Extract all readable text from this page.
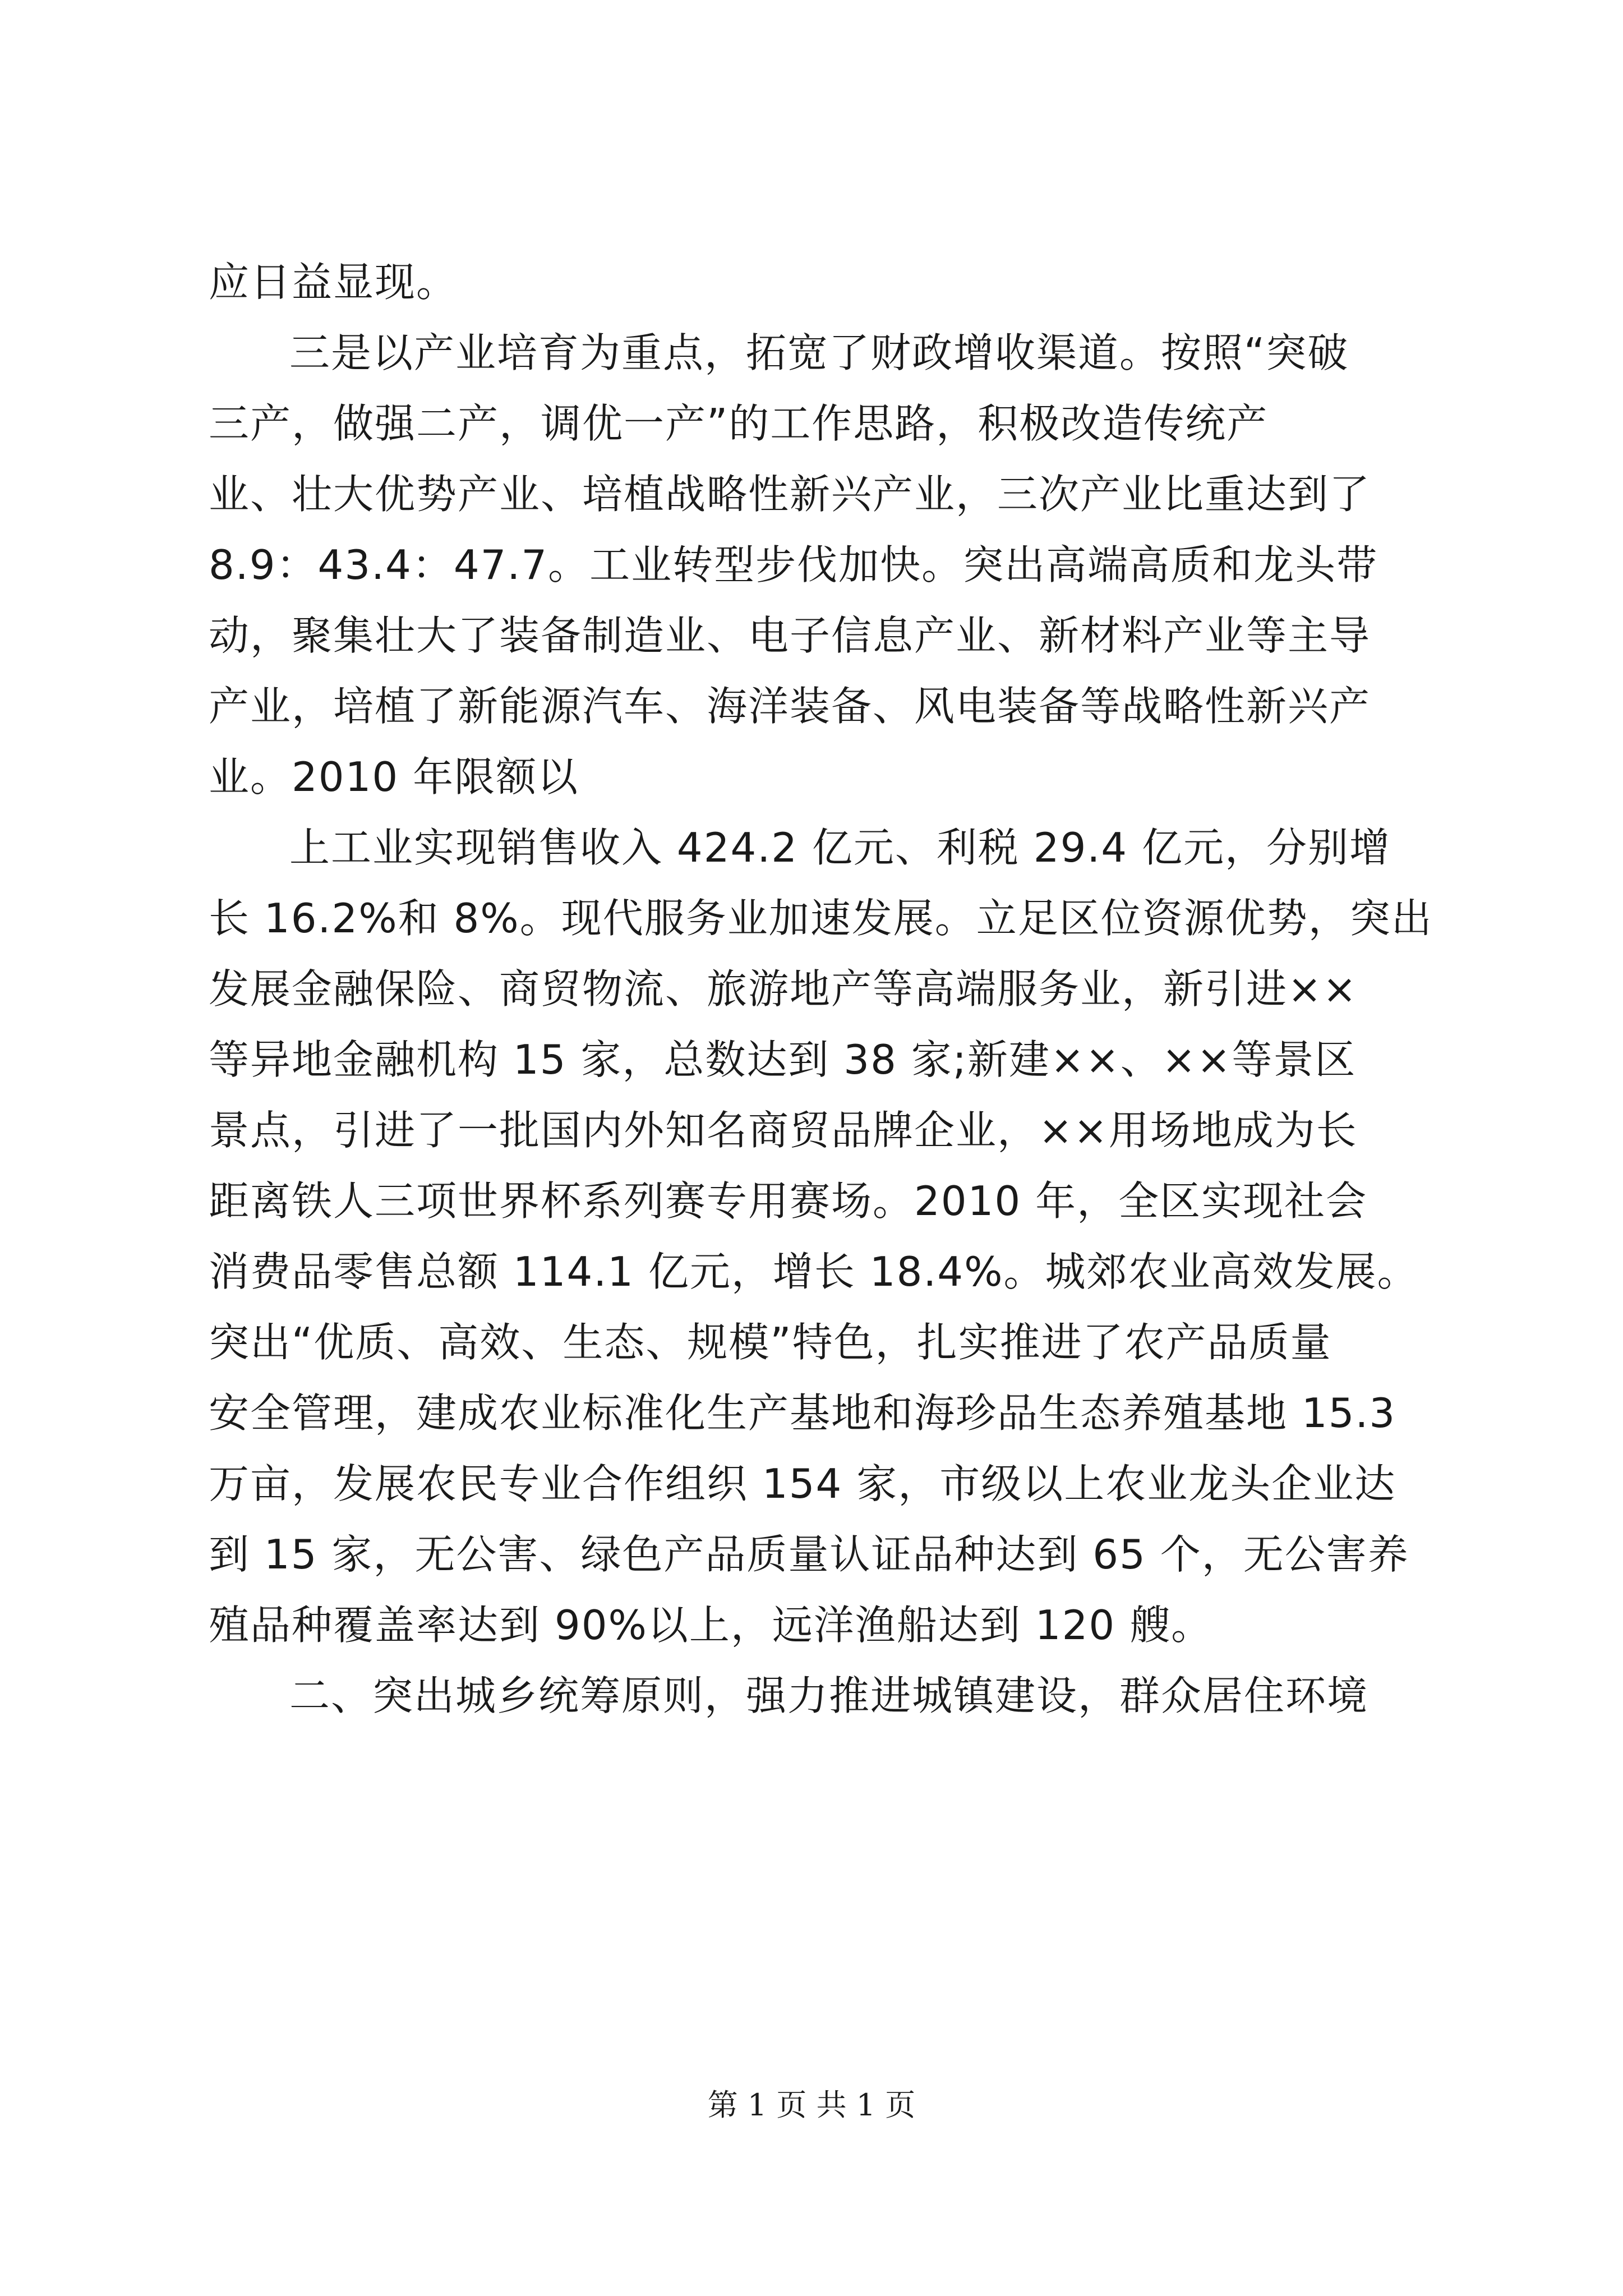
应日益显现。
三是以产业培育为重点，拓宽了财政增收渠道。按照“突破
三产，做强二产，调优一产”的工作思路，积极改造传统产
业、壮大优势产业、培植战略性新兴产业，三次产业比重达到了
8.9：43.4：47.7。工业转型步伐加快。突出高端高质和龙头带
动，聚集壮大了装备制造业、电子信息产业、新材料产业等主导
产业，培植了新能源汽车、海洋装备、风电装备等战略性新兴产
业。2010 年限额以
上工业实现销售收入 424.2 亿元、利税 29.4 亿元，分别增
长 16.2%和 8%。现代服务业加速发展。立足区位资源优势，突出
发展金融保险、商贸物流、旅游地产等高端服务业，新引进××
等异地金融机构 15 家，总数达到 38 家;新建××、××等景区
景点，引进了一批国内外知名商贸品牌企业，××用场地成为长
距离铁人三项世界杯系列赛专用赛场。2010 年，全区实现社会
消费品零售总额 114.1 亿元，增长 18.4%。城郊农业高效发展。
突出“优质、高效、生态、规模”特色，扎实推进了农产品质量
安全管理，建成农业标准化生产基地和海珍品生态养殖基地 15.3
万亩，发展农民专业合作组织 154 家，市级以上农业龙头企业达
到 15 家，无公害、绿色产品质量认证品种达到 65 个，无公害养
殖品种覆盖率达到 90%以上，远洋渔船达到 120 艘。
二、突出城乡统筹原则，强力推进城镇建设，群众居住环境
第 1 页 共 1 页
